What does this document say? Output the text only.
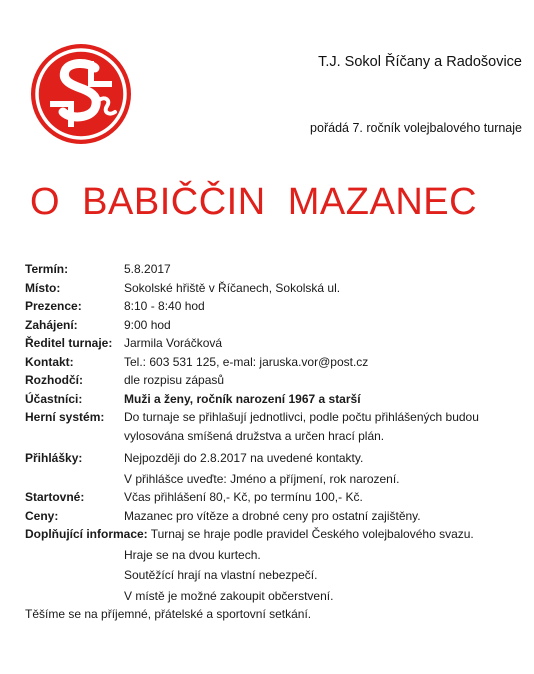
T.J. Sokol Říčany a Radošovice
pořádá 7. ročník volejbalového turnaje
O  BABIČČIN  MAZANEC
Termín:	5.8.2017
Místo:	Sokolské hřiště v Říčanech, Sokolská ul.
Prezence:	8:10 - 8:40 hod
Zahájení:	9:00 hod
Ředitel turnaje: Jarmila Voráčková
Kontakt:	Tel.: 603 531 125, e-mal: jaruska.vor@post.cz
Rozhodčí:	dle rozpisu zápasů
Účastníci:	Muži a ženy, ročník narození 1967 a starší
Herní systém:	Do turnaje se přihlašují jednotlivci, podle počtu přihlášených budou
vylosována smíšená družstva a určen hrací plán.
Přihlášky:	Nejpozději do 2.8.2017 na uvedené kontakty.
V přihlášce uveďte: Jméno a příjmení, rok narození.
Startovné:	Včas přihlášení 80,- Kč, po termínu 100,- Kč.
Ceny:	Mazanec pro vítěze a drobné ceny pro ostatní zajištěny.
Doplňující informace: Turnaj se hraje podle pravidel Českého volejbalového svazu.
Hraje se na dvou kurtech.
Soutěžící hrají na vlastní nebezpečí.
V místě je možné zakoupit občerstvení.
Těšíme se na příjemné, přátelské a sportovní setkání.
